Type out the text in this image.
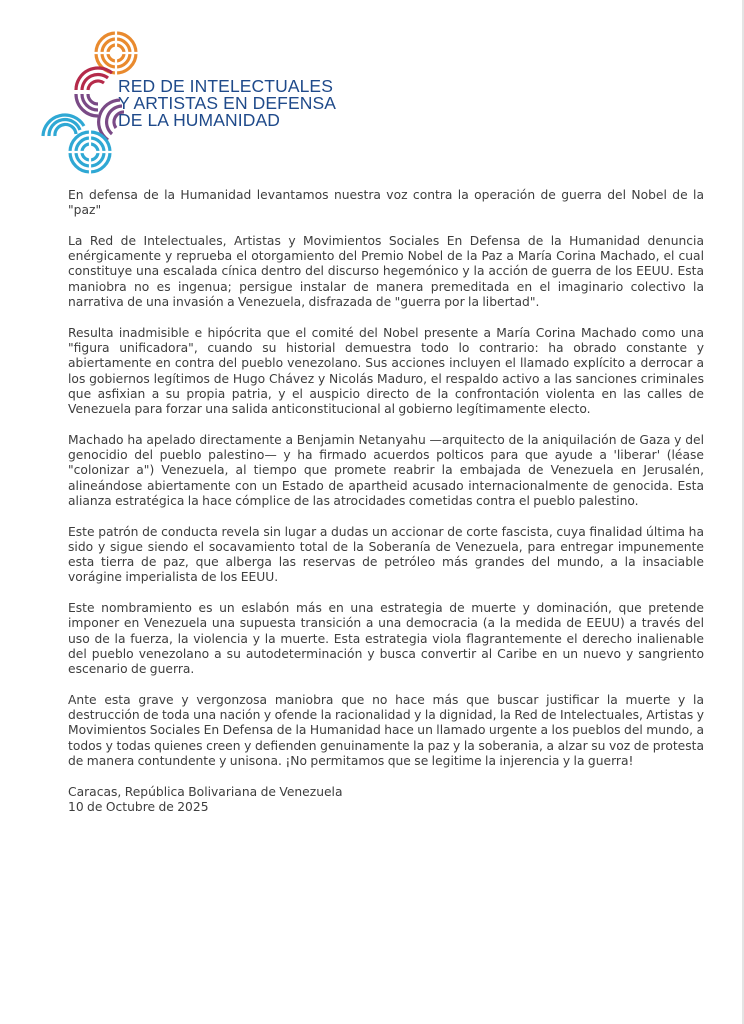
RED DE INTELECTUALES
Y ARTISTAS EN DEFENSA
DE LA HUMANIDAD

En defensa de la Humanidad levantamos nuestra voz contra la operación de guerra del Nobel de la "paz"

La Red de Intelectuales, Artistas y Movimientos Sociales En Defensa de la Humanidad denuncia enérgicamente y reprueba el otorgamiento del Premio Nobel de la Paz a María Corina Machado, el cual constituye una escalada cínica dentro del discurso hegemónico y la acción de guerra de los EEUU. Esta maniobra no es ingenua; persigue instalar de manera premeditada en el imaginario colectivo la narrativa de una invasión a Venezuela, disfrazada de "guerra por la libertad".

Resulta inadmisible e hipócrita que el comité del Nobel presente a María Corina Machado como una "figura unificadora", cuando su historial demuestra todo lo contrario: ha obrado constante y abiertamente en contra del pueblo venezolano. Sus acciones incluyen el llamado explícito a derrocar a los gobiernos legítimos de Hugo Chávez y Nicolás Maduro, el respaldo activo a las sanciones criminales que asfixian a su propia patria, y el auspicio directo de la confrontación violenta en las calles de Venezuela para forzar una salida anticonstitucional al gobierno legítimamente electo.

Machado ha apelado directamente a Benjamin Netanyahu —arquitecto de la aniquilación de Gaza y del genocidio del pueblo palestino— y ha firmado acuerdos polticos para que ayude a 'liberar' (léase "colonizar a") Venezuela, al tiempo que promete reabrir la embajada de Venezuela en Jerusalén, alineándose abiertamente con un Estado de apartheid acusado internacionalmente de genocida. Esta alianza estratégica la hace cómplice de las atrocidades cometidas contra el pueblo palestino.

Este patrón de conducta revela sin lugar a dudas un accionar de corte fascista, cuya finalidad última ha sido y sigue siendo el socavamiento total de la Soberanía de Venezuela, para entregar impunemente esta tierra de paz, que alberga las reservas de petróleo más grandes del mundo, a la insaciable vorágine imperialista de los EEUU.

Este nombramiento es un eslabón más en una estrategia de muerte y dominación, que pretende imponer en Venezuela una supuesta transición a una democracia (a la medida de EEUU) a través del uso de la fuerza, la violencia y la muerte. Esta estrategia viola flagrantemente el derecho inalienable del pueblo venezolano a su autodeterminación y busca convertir al Caribe en un nuevo y sangriento escenario de guerra.

Ante esta grave y vergonzosa maniobra que no hace más que buscar justificar la muerte y la destrucción de toda una nación y ofende la racionalidad y la dignidad, la Red de Intelectuales, Artistas y Movimientos Sociales En Defensa de la Humanidad hace un llamado urgente a los pueblos del mundo, a todos y todas quienes creen y defienden genuinamente la paz y la soberania, a alzar su voz de protesta de manera contundente y unisona. ¡No permitamos que se legitime la injerencia y la guerra!

Caracas, República Bolivariana de Venezuela

10 de Octubre de 2025
